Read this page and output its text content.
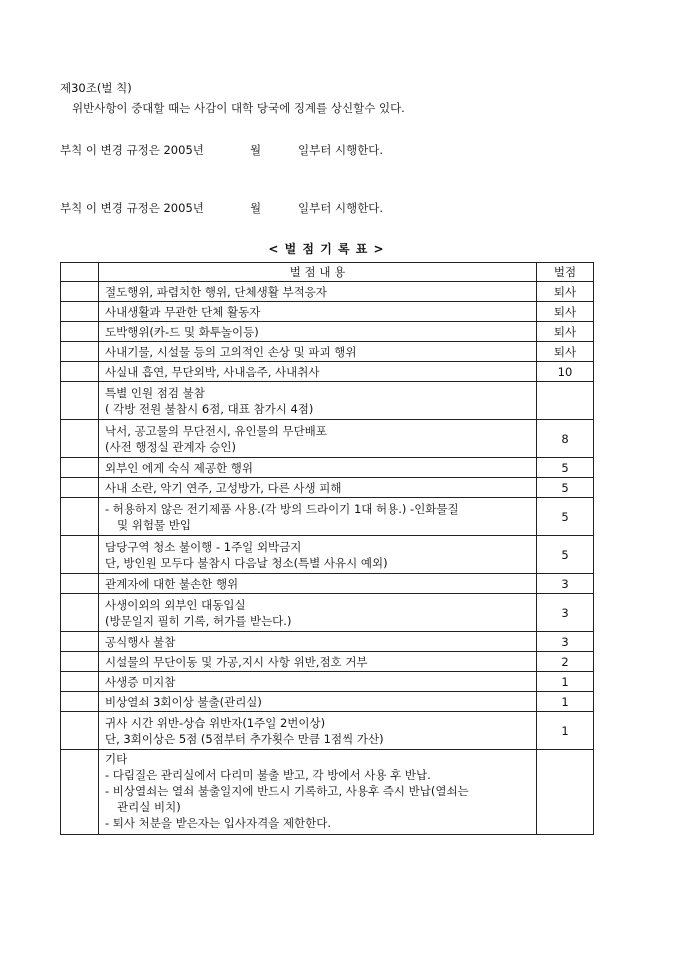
제30조(벌 칙)
위반사항이 중대할 때는 사감이 대학 당국에 징계를 상신할수 있다.
부칙 이 변경 규정은 2005년	월	일부터 시행한다.
부칙 이 변경 규정은 2005년	월	일부터 시행한다.
< 벌 점 기 록 표 >
	벌 점 내 용	벌점

	절도행위, 파렴치한 행위, 단체생활 부적응자	퇴사

	사내생활과 무관한 단체 활동자	퇴사

	도박행위(카-드 및 화투놀이등)	퇴사

	사내기물, 시설물 등의 고의적인 손상 및 파괴 행위	퇴사

	사실내 흡연, 무단외박, 사내음주, 사내취사	10

	특별 인원 점검 불참
( 각방 전원 불참시 6점, 대표 참가시 4점)	

	낙서, 공고물의 무단전시, 유인물의 무단배포
(사전 행정실 관계자 승인)	8

	외부인 에게 숙식 제공한 행위	5

	사내 소란, 악기 연주, 고성방가, 다른 사생 피해	5

	- 허용하지 않은 전기제품 사용.(각 방의 드라이기 1대 허용.) -인화물질
및 위험물 반입	5

	담당구역 청소 불이행 - 1주일 외박금지
단, 방인원 모두다 불참시 다음날 청소(특별 사유시 예외)	5

	관계자에 대한 불손한 행위	3

	사생이외의 외부인 대동입실
(방문일지 필히 기록, 허가를 받는다.)	3

	공식행사 불참	3

	시설물의 무단이동 및 가공,지시 사항 위반,점호 거부	2

	사생증 미지참	1

	비상열쇠 3회이상 불출(관리실)	1

	귀사 시간 위반-상습 위반자(1주일 2번이상)
단, 3회이상은 5점 (5점부터 추가횟수 만큼 1점씩 가산)	1

	기타
- 다림질은 관리실에서 다리미 불출 받고, 각 방에서 사용 후 반납.
- 비상열쇠는 열쇠 불출일지에 반드시 기록하고, 사용후 즉시 반납(열쇠는
관리실 비치)
- 퇴사 처분을 받은자는 입사자격을 제한한다.	
